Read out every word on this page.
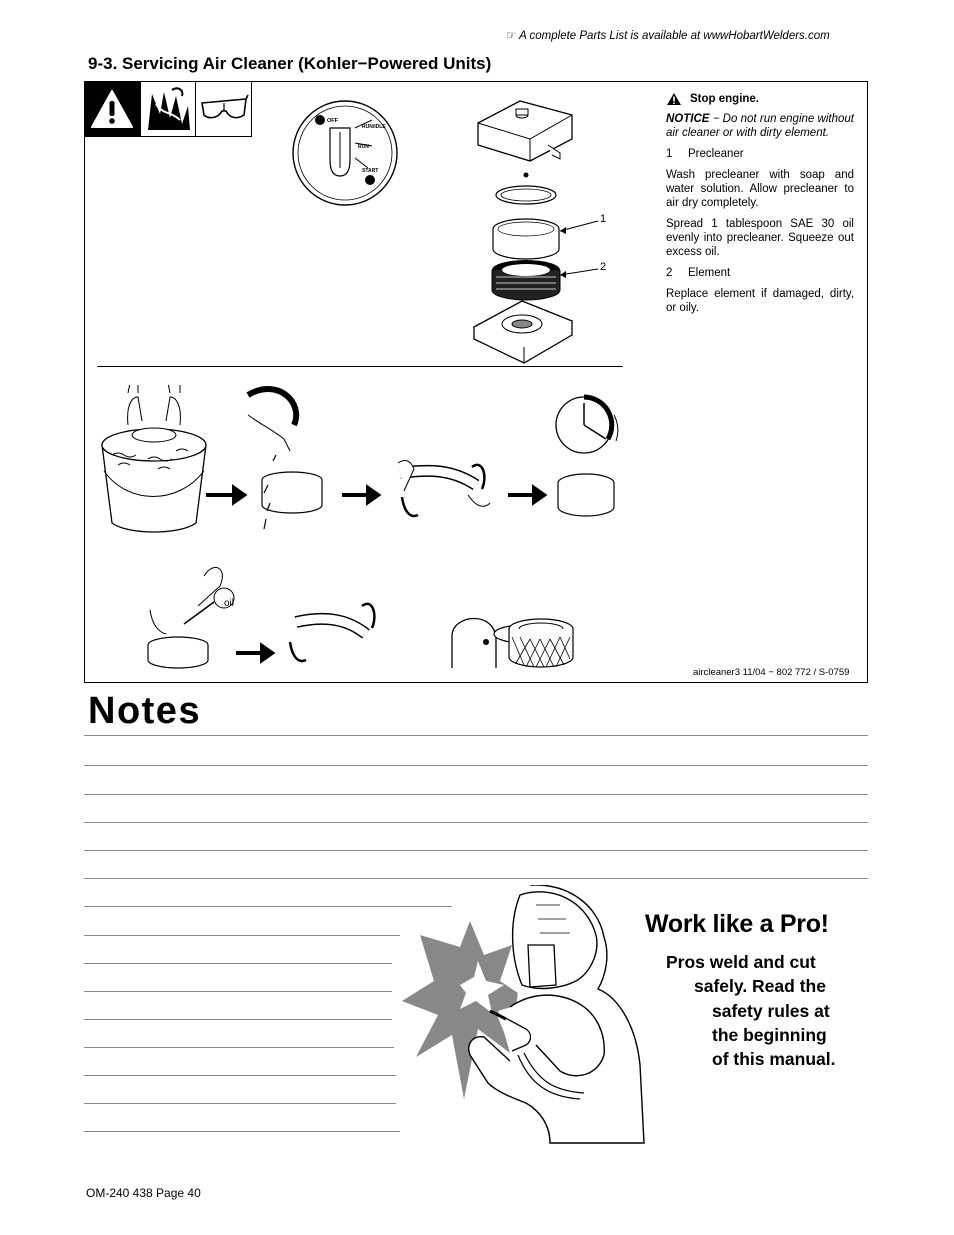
☞ A complete Parts List is available at wwwHobartWelders.com
9-3. Servicing Air Cleaner (Kohler−Powered Units)
OFF
RUN/IDLE
RUN
START
1
2
Stop engine.

NOTICE − Do not run engine without air cleaner or with dirty element.

1 Precleaner

Wash precleaner with soap and water solution. Allow precleaner to air dry completely.

Spread 1 tablespoon SAE 30 oil evenly into precleaner. Squeeze out excess oil.

2 Element

Replace element if damaged, dirty, or oily.

oil
aircleaner3 11/04 − 802 772 / S-0759
Notes
Work like a Pro!
Pros weld and cut
safely. Read the
safety rules at
the beginning
of this manual.
OM-240 438 Page 40
